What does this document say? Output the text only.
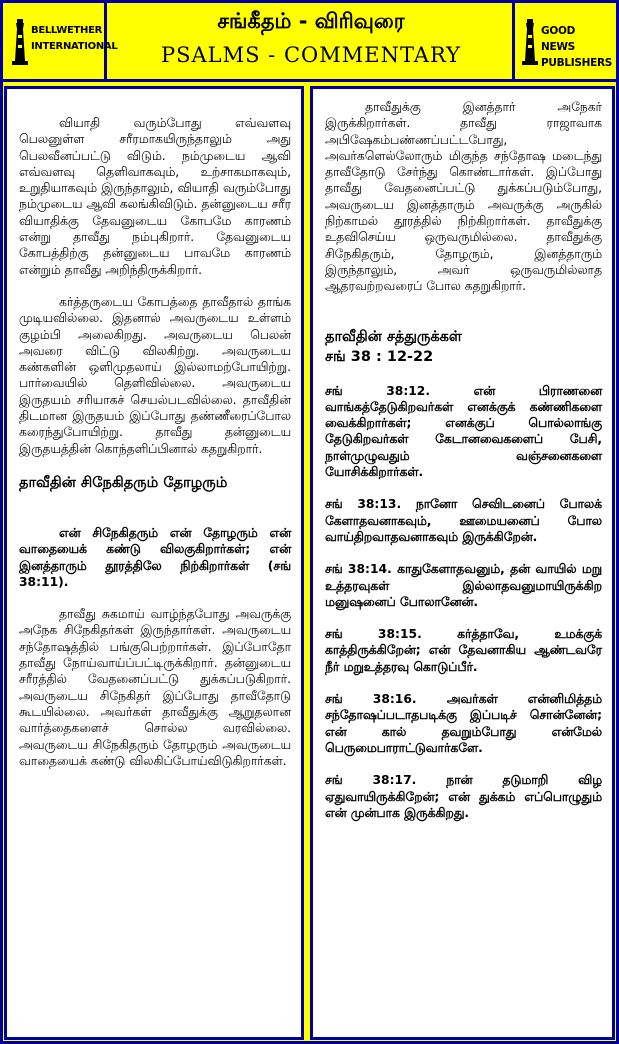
BELLWETHER
INTERNATIONAL
சங்கீதம் - விரிவுரை
PSALMS - COMMENTARY
GOOD NEWS
PUBLISHERS

வியாதி வரும்போது எவ்வளவு பெலனுள்ள சரீரமாகயிருந்தாலும் அது பெலவீனப்பட்டு விடும். நம்முடைய ஆவி எவ்வளவு தெளிவாகவும், உற்சாகமாகவும், உறுதியாகவும் இருந்தாலும், வியாதி வரும்போது நம்முடைய ஆவி கலங்கிவிடும். தன்னுடைய சரீர வியாதிக்கு தேவனுடைய கோபமே காரணம் என்று தாவீது நம்புகிறார். தேவனுடைய கோபத்திற்கு தன்னுடைய பாவமே காரணம் என்றும் தாவீது அறிந்திருக்கிறார்.

கர்த்தருடைய கோபத்தை தாவீதால் தாங்க முடியவில்லை. இதனால் அவருடைய உள்ளம் குழம்பி அலைகிறது. அவருடைய பெலன் அவரை விட்டு விலகிற்று. அவருடைய கண்களின் ஒளிமுதலாய் இல்லாமற்போயிற்று. பார்வையில் தெளிவில்லை. அவருடைய இருதயம் சரியாகச் செயல்படவில்லை. தாவீதின் திடமான இருதயம் இப்போது தண்ணீரைப்போல கரைந்துபோயிற்று. தாவீது தன்னுடைய இருதயத்தின் கொந்தளிப்பினால் கதறுகிறார்.

தாவீதின் சிநேகிதரும் தோழரும்

என் சிநேகிதரும் என் தோழரும் என் வாதையைக் கண்டு விலகுகிறார்கள்; என் இனத்தாரும் தூரத்திலே நிற்கிறார்கள் (சங் 38:11).

தாவீது சுகமாய் வாழ்ந்தபோது அவருக்கு அநேக சிநேகிதர்கள் இருந்தார்கள். அவருடைய சந்தோஷத்தில் பங்குபெற்றார்கள். இப்போதோ தாவீது நோய்வாய்ப்பட்டிருக்கிறார். தன்னுடைய சரீரத்தில் வேதனைப்பட்டு துக்கப்படுகிறார். அவருடைய சிநேகிதர் இப்போது தாவீதோடு கூடயில்லை. அவர்கள் தாவீதுக்கு ஆறுதலான வார்த்தைகளைச் சொல்ல வரவில்லை. அவருடைய சிநேகிதரும் தோழரும் அவருடைய வாதையைக் கண்டு விலகிப்போய்விடுகிறார்கள்.

தாவீதுக்கு இனத்தார் அநேகர் இருக்கிறார்கள். தாவீது ராஜாவாக அபிஷேகம்பண்ணப்பட்டபோது, அவர்களெல்லோரும் மிகுந்த சந்தோஷ மடைந்து தாவீதோடு சேர்ந்து கொண்டார்கள். இப்போது தாவீது வேதனைப்பட்டு துக்கப்படும்போது, அவருடைய இனத்தாரும் அவருக்கு அருகில் நிற்காமல் தூரத்தில் நிற்கிறார்கள். தாவீதுக்கு உதவிசெய்ய ஒருவருமில்லை. தாவீதுக்கு சிநேகிதரும், தோழரும், இனத்தாரும் இருந்தாலும், அவர் ஒருவருமில்லாத ஆதரவற்றவரைப் போல கதறுகிறார்.

தாவீதின் சத்துருக்கள்
சங் 38 : 12-22

சங் 38:12. என் பிராணனை வாங்கத்தேடுகிறவர்கள் எனக்குக் கண்ணிகளை வைக்கிறார்கள்; எனக்குப் பொல்லாங்கு தேடுகிறவர்கள் கேடானவைகளைப் பேசி, நாள்முழுவதும் வஞ்சனைகளை யோசிக்கிறார்கள்.

சங் 38:13. நானோ செவிடனைப் போலக் கேளாதவனாகவும், ஊமையனைப் போல வாய்திறவாதவனாகவும் இருக்கிறேன்.

சங் 38:14. காதுகேளாதவனும், தன் வாயில் மறு உத்தரவுகள் இல்லாதவனுமாயிருக்கிற மனுஷனைப் போலானேன்.

சங் 38:15. கர்த்தாவே, உமக்குக் காத்திருக்கிறேன்; என் தேவனாகிய ஆண்டவரே நீர் மறுஉத்தரவு கொடுப்பீர்.

சங் 38:16. அவர்கள் என்னிமித்தம் சந்தோஷப்படாதபடிக்கு இப்படிச் சொன்னேன்; என் கால் தவறும்போது என்மேல் பெருமைபாராட்டுவார்களே.

சங் 38:17. நான் தடுமாறி விழ ஏதுவாயிருக்கிறேன்; என் துக்கம் எப்பொழுதும் என் முன்பாக இருக்கிறது.
